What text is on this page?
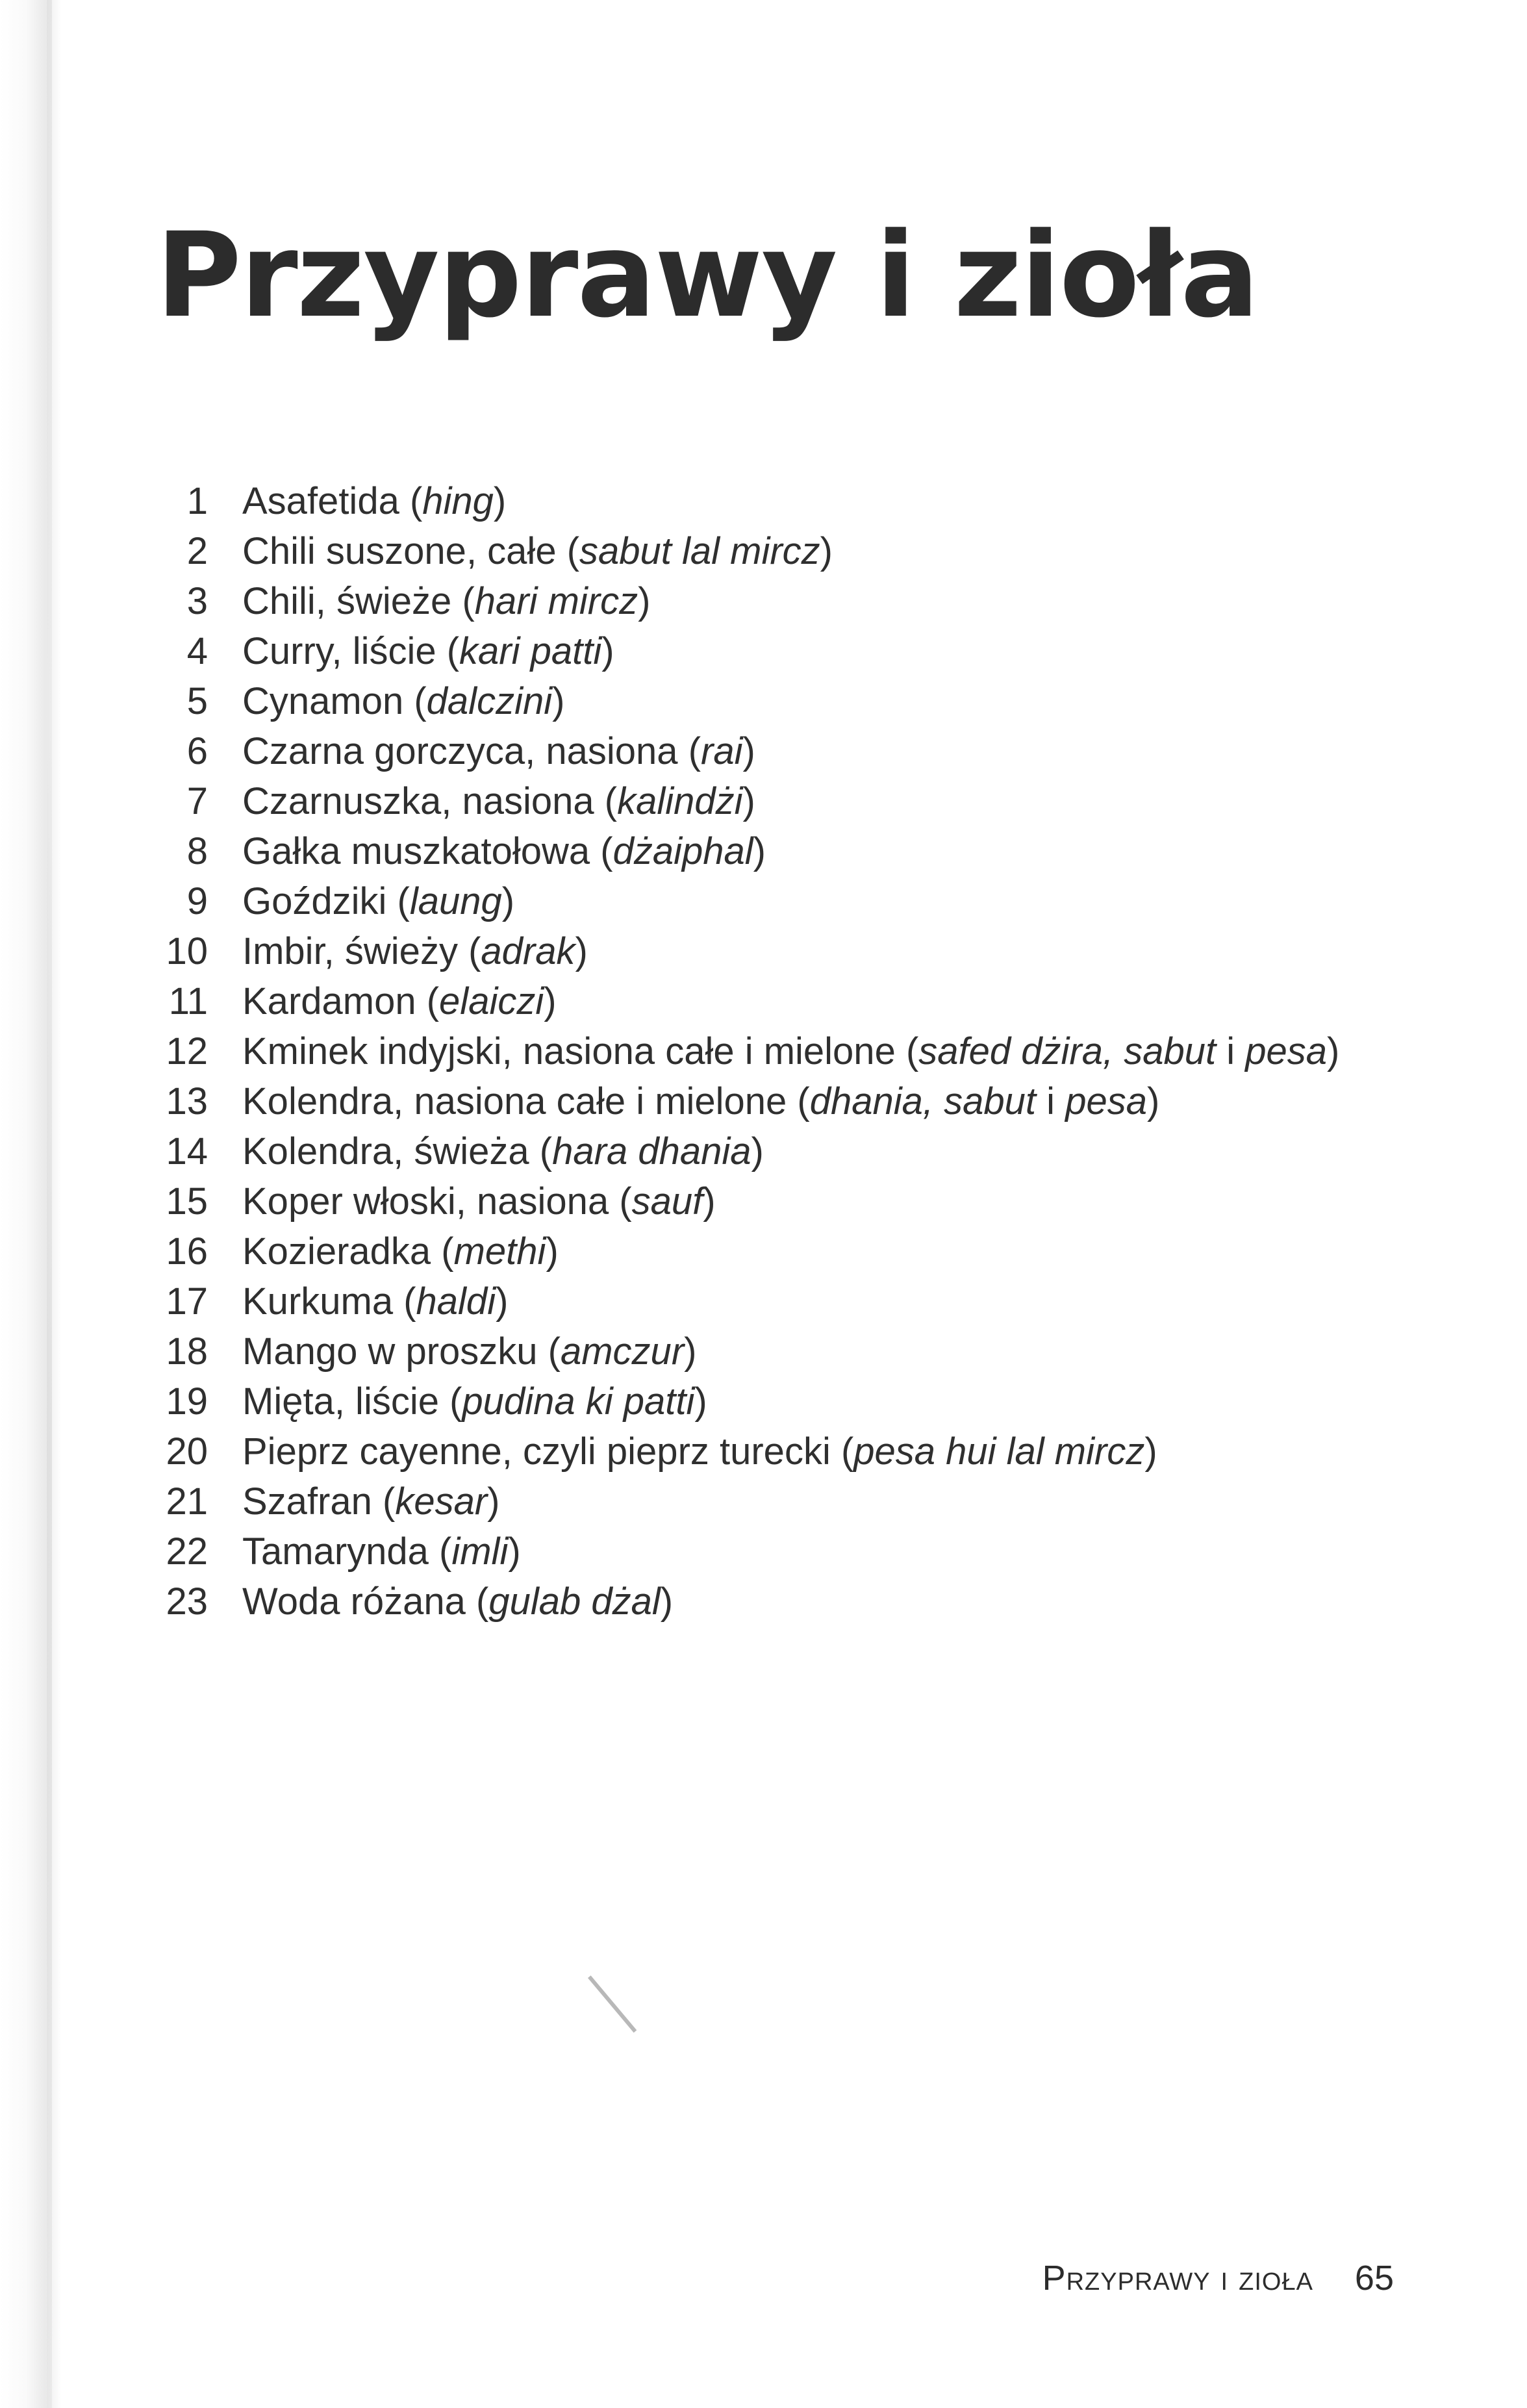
Przyprawy i zioła
1 Asafetida (hing)
2 Chili suszone, całe (sabut lal mircz)
3 Chili, świeże (hari mircz)
4 Curry, liście (kari patti)
5 Cynamon (dalczini)
6 Czarna gorczyca, nasiona (rai)
7 Czarnuszka, nasiona (kalindżi)
8 Gałka muszkatołowa (dżaiphal)
9 Goździki (laung)
10 Imbir, świeży (adrak)
11 Kardamon (elaiczi)
12 Kminek indyjski, nasiona całe i mielone (safed dżira, sabut i pesa)
13 Kolendra, nasiona całe i mielone (dhania, sabut i pesa)
14 Kolendra, świeża (hara dhania)
15 Koper włoski, nasiona (sauf)
16 Kozieradka (methi)
17 Kurkuma (haldi)
18 Mango w proszku (amczur)
19 Mięta, liście (pudina ki patti)
20 Pieprz cayenne, czyli pieprz turecki (pesa hui lal mircz)
21 Szafran (kesar)
22 Tamarynda (imli)
23 Woda różana (gulab dżal)
Przyprawy i zioła 65
